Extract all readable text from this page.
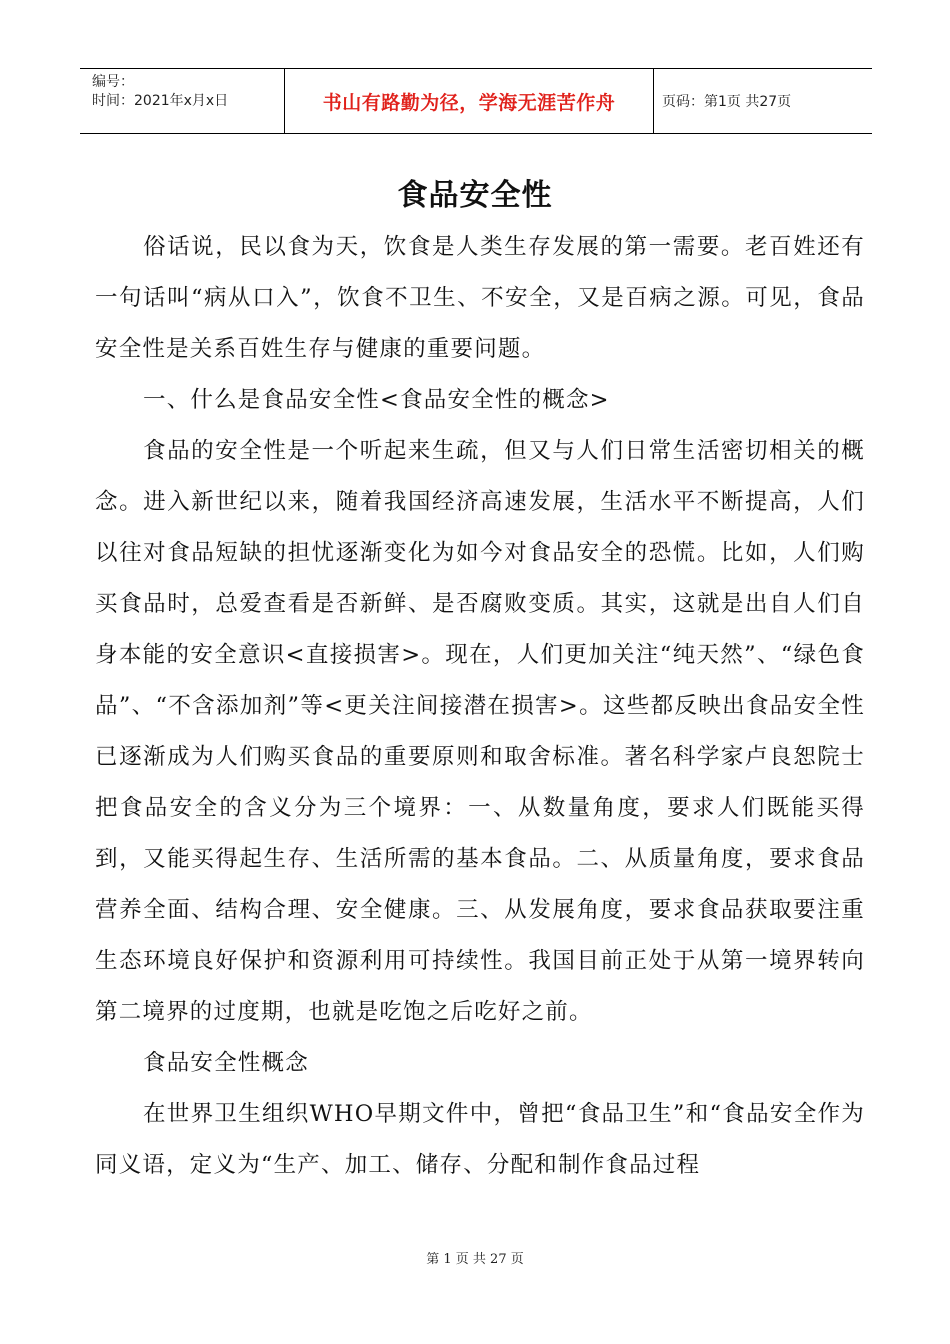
编号：
时间：2021年x月x日	书山有路勤为径，学海无涯苦作舟	页码：第1页 共27页
食品安全性

俗话说，民以食为天，饮食是人类生存发展的第一需要。老百姓还有一句话叫“病从口入”，饮食不卫生、不安全，又是百病之源。可见，食品安全性是关系百姓生存与健康的重要问题。

一、什么是食品安全性<食品安全性的概念>

食品的安全性是一个听起来生疏，但又与人们日常生活密切相关的概念。进入新世纪以来，随着我国经济高速发展，生活水平不断提高，人们以往对食品短缺的担忧逐渐变化为如今对食品安全的恐慌。比如，人们购买食品时，总爱查看是否新鲜、是否腐败变质。其实，这就是出自人们自身本能的安全意识<直接损害>。现在，人们更加关注“纯天然”、“绿色食品”、“不含添加剂”等<更关注间接潜在损害>。这些都反映出食品安全性已逐渐成为人们购买食品的重要原则和取舍标准。著名科学家卢良恕院士把食品安全的含义分为三个境界：一、从数量角度，要求人们既能买得到，又能买得起生存、生活所需的基本食品。二、从质量角度，要求食品营养全面、结构合理、安全健康。三、从发展角度，要求食品获取要注重生态环境良好保护和资源利用可持续性。我国目前正处于从第一境界转向第二境界的过度期，也就是吃饱之后吃好之前。

食品安全性概念

在世界卫生组织WHO早期文件中，曾把“食品卫生”和“食品安全作为同义语，定义为“生产、加工、储存、分配和制作食品过程

第 1 页 共 27 页
